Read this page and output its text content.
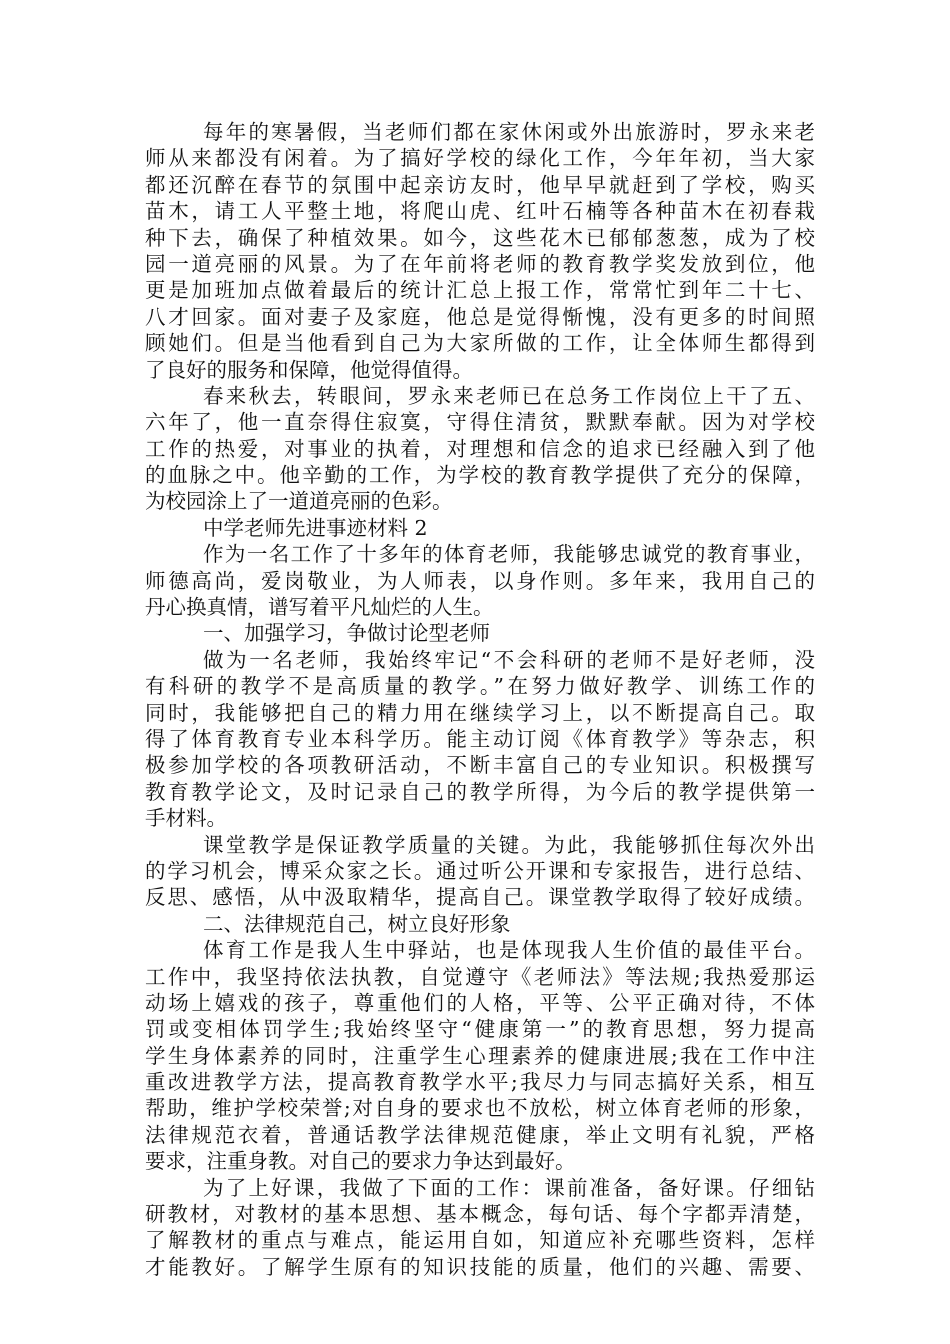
每年的寒暑假，当老师们都在家休闲或外出旅游时，罗永来老
师从来都没有闲着。为了搞好学校的绿化工作，今年年初，当大家
都还沉醉在春节的氛围中起亲访友时，他早早就赶到了学校，购买
苗木，请工人平整土地，将爬山虎、红叶石楠等各种苗木在初春栽
种下去，确保了种植效果。如今，这些花木已郁郁葱葱，成为了校
园一道亮丽的风景。为了在年前将老师的教育教学奖发放到位，他
更是加班加点做着最后的统计汇总上报工作，常常忙到年二十七、
八才回家。面对妻子及家庭，他总是觉得惭愧，没有更多的时间照
顾她们。但是当他看到自己为大家所做的工作，让全体师生都得到
了良好的服务和保障，他觉得值得。
春来秋去，转眼间，罗永来老师已在总务工作岗位上干了五、
六年了，他一直奈得住寂寞，守得住清贫，默默奉献。因为对学校
工作的热爱，对事业的执着，对理想和信念的追求已经融入到了他
的血脉之中。他辛勤的工作，为学校的教育教学提供了充分的保障，
为校园涂上了一道道亮丽的色彩。
中学老师先进事迹材料 2
作为一名工作了十多年的体育老师，我能够忠诚党的教育事业，
师德高尚，爱岗敬业，为人师表，以身作则。多年来，我用自己的
丹心换真情，谱写着平凡灿烂的人生。
一、加强学习，争做讨论型老师
做为一名老师，我始终牢记“不会科研的老师不是好老师，没
有科研的教学不是高质量的教学。”在努力做好教学、训练工作的
同时，我能够把自己的精力用在继续学习上，以不断提高自己。取
得了体育教育专业本科学历。能主动订阅《体育教学》等杂志，积
极参加学校的各项教研活动，不断丰富自己的专业知识。积极撰写
教育教学论文，及时记录自己的教学所得，为今后的教学提供第一
手材料。
课堂教学是保证教学质量的关键。为此，我能够抓住每次外出
的学习机会，博采众家之长。通过听公开课和专家报告，进行总结、
反思、感悟，从中汲取精华，提高自己。课堂教学取得了较好成绩。
二、法律规范自己，树立良好形象
体育工作是我人生中驿站，也是体现我人生价值的最佳平台。
工作中，我坚持依法执教，自觉遵守《老师法》等法规;我热爱那运
动场上嬉戏的孩子，尊重他们的人格，平等、公平正确对待，不体
罚或变相体罚学生;我始终坚守“健康第一”的教育思想，努力提高
学生身体素养的同时，注重学生心理素养的健康进展;我在工作中注
重改进教学方法，提高教育教学水平;我尽力与同志搞好关系，相互
帮助，维护学校荣誉;对自身的要求也不放松，树立体育老师的形象，
法律规范衣着，普通话教学法律规范健康，举止文明有礼貌，严格
要求，注重身教。对自己的要求力争达到最好。
为了上好课，我做了下面的工作：课前准备，备好课。仔细钻
研教材，对教材的基本思想、基本概念，每句话、每个字都弄清楚，
了解教材的重点与难点，能运用自如，知道应补充哪些资料，怎样
才能教好。了解学生原有的知识技能的质量，他们的兴趣、需要、
